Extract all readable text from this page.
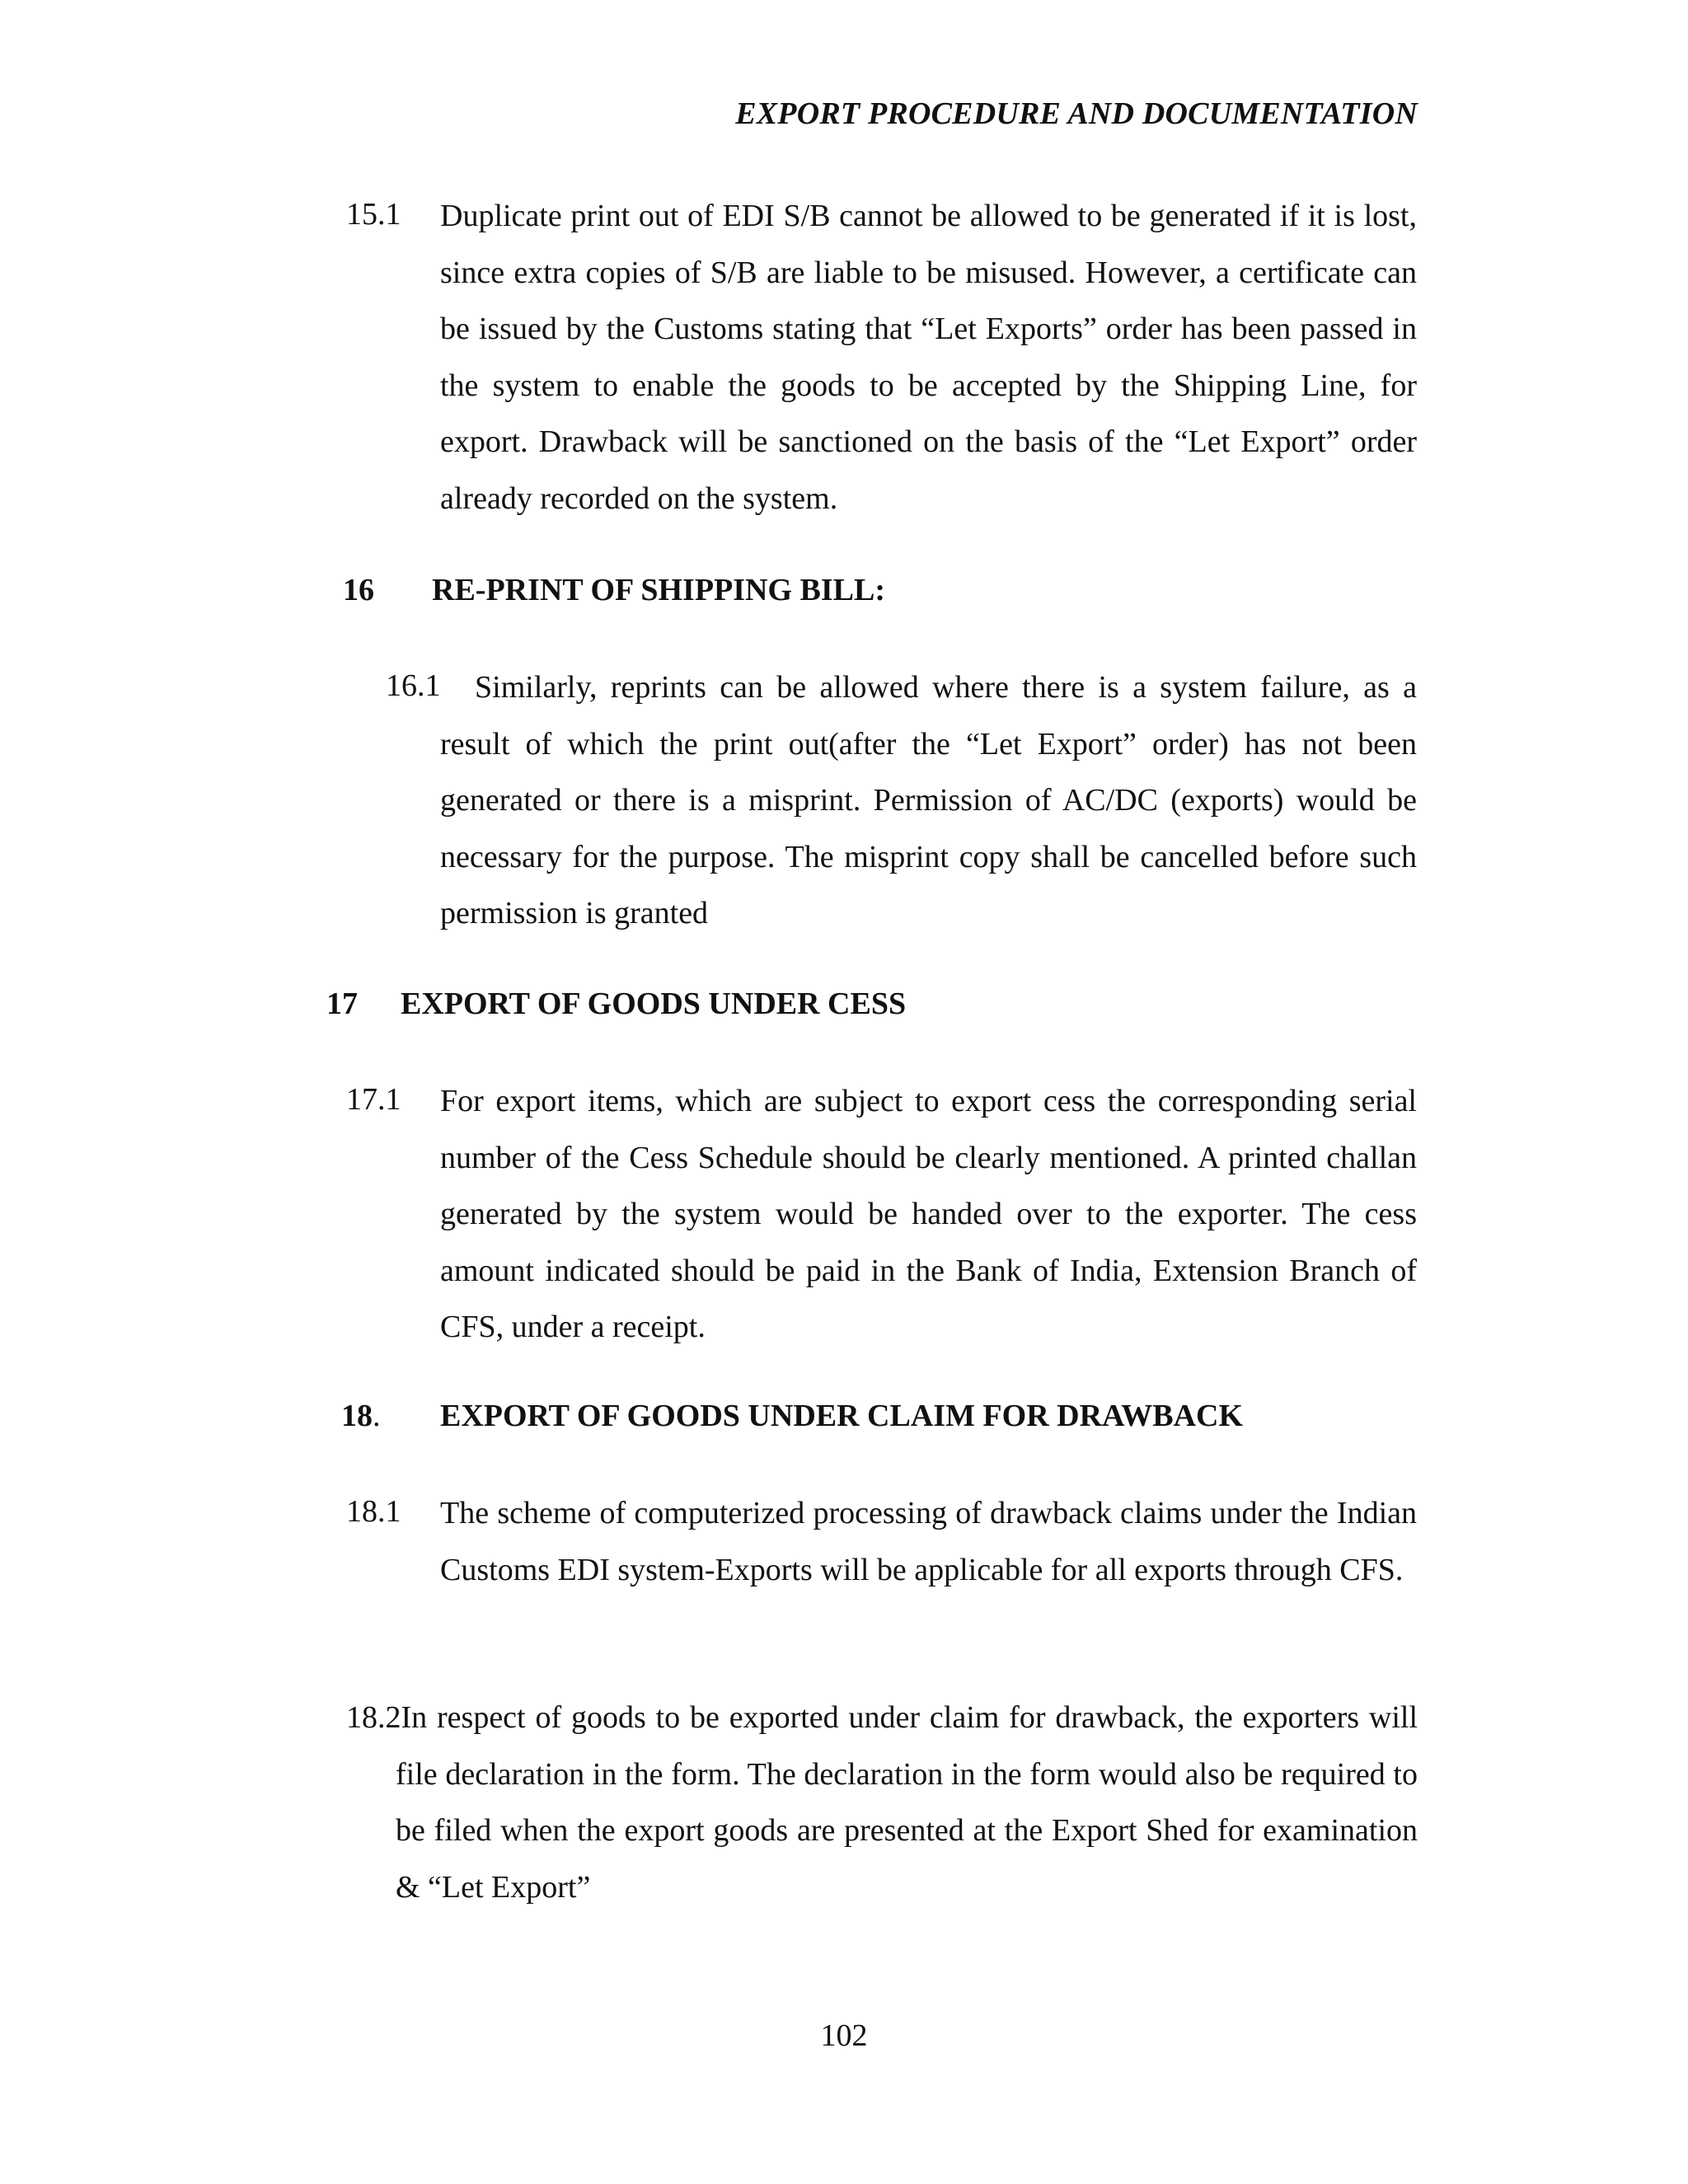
EXPORT PROCEDURE AND DOCUMENTATION
15.1 Duplicate print out of EDI S/B cannot be allowed to be generated if it is lost, since extra copies of S/B are liable to be misused. However, a certificate can be issued by the Customs stating that “Let Exports” order has been passed in the system to enable the goods to be accepted by the Shipping Line, for export. Drawback will be sanctioned on the basis of the “Let Export” order already recorded on the system.
16 RE-PRINT OF SHIPPING BILL:
16.1	Similarly, reprints can be allowed where there is a system failure, as a result of which the print out(after the “Let Export” order) has not been generated or there is a misprint. Permission of AC/DC (exports) would be necessary for the purpose. The misprint copy shall be cancelled before such permission is granted
17 EXPORT OF GOODS UNDER CESS
17.1 For export items, which are subject to export cess the corresponding serial number of the Cess Schedule should be clearly mentioned. A printed challan generated by the system would be handed over to the exporter. The cess amount indicated should be paid in the Bank of India, Extension Branch of CFS, under a receipt.
18. EXPORT OF GOODS UNDER CLAIM FOR DRAWBACK
18.1 The scheme of computerized processing of drawback claims under the Indian Customs EDI system-Exports will be applicable for all exports through CFS.
18.2In respect of goods to be exported under claim for drawback, the exporters will file declaration in the form. The declaration in the form would also be required to be filed when the export goods are presented at the Export Shed for examination & “Let Export”
102
